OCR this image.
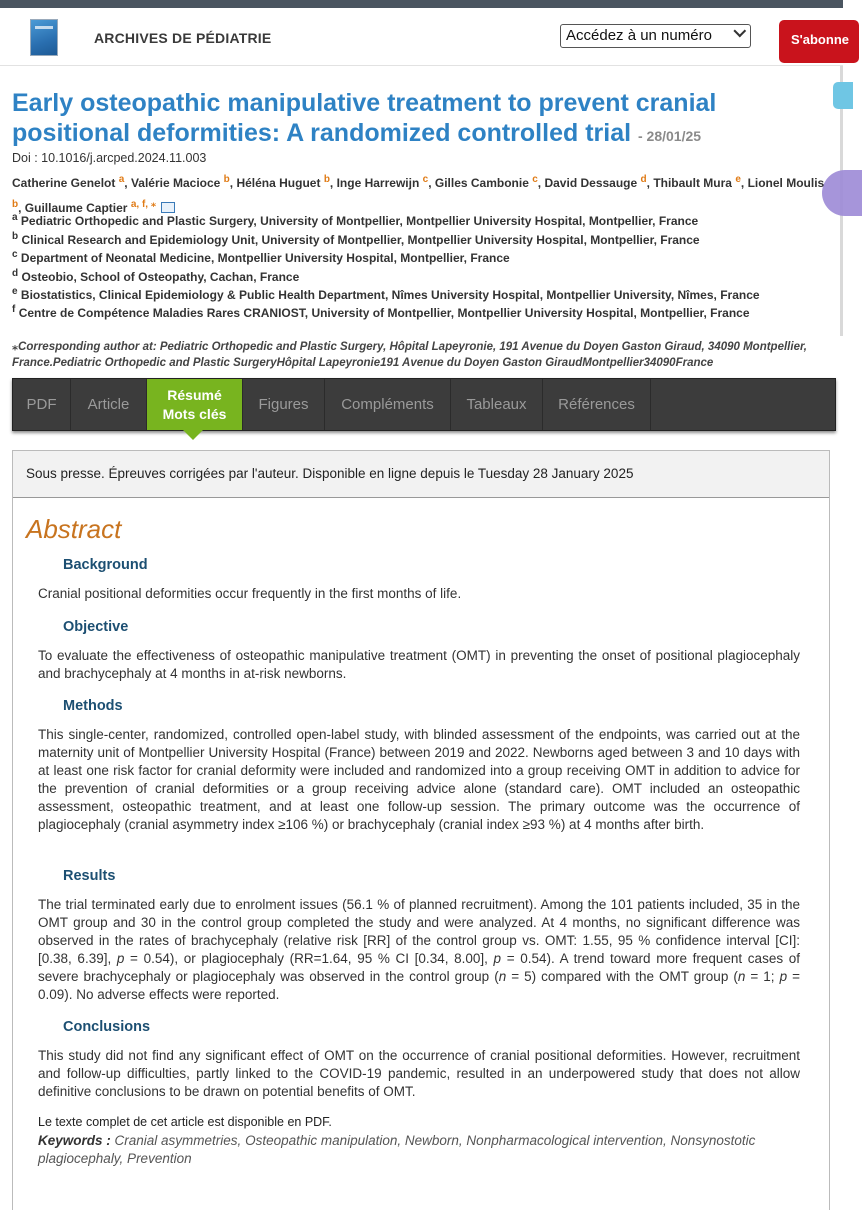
ARCHIVES DE PÉDIATRIE	Accédez à un numéro	S'abonne
Early osteopathic manipulative treatment to prevent cranial positional deformities: A randomized controlled trial - 28/01/25
Doi : 10.1016/j.arcped.2024.11.003
Catherine Genelot $^a$, Valérie Macioce $^b$, Héléna Huguet $^b$, Inge Harrewijn $^c$, Gilles Cambonie $^c$, David Dessauge $^d$, Thibault Mura $^e$, Lionel Moulis
$^b$, Guillaume Captier $^{a, f, ⁎}$
$^a$ Pediatric Orthopedic and Plastic Surgery, University of Montpellier, Montpellier University Hospital, Montpellier, France
$^b$ Clinical Research and Epidemiology Unit, University of Montpellier, Montpellier University Hospital, Montpellier, France
$^c$ Department of Neonatal Medicine, Montpellier University Hospital, Montpellier, France
$^d$ Osteobio, School of Osteopathy, Cachan, France
$^e$ Biostatistics, Clinical Epidemiology & Public Health Department, Nîmes University Hospital, Montpellier University, Nîmes, France
$^f$ Centre de Compétence Maladies Rares CRANIOST, University of Montpellier, Montpellier University Hospital, Montpellier, France
⁎Corresponding author at: Pediatric Orthopedic and Plastic Surgery, Hôpital Lapeyronie, 191 Avenue du Doyen Gaston Giraud, 34090 Montpellier, France.Pediatric Orthopedic and Plastic SurgeryHôpital Lapeyronie191 Avenue du Doyen Gaston GiraudMontpellier34090France
PDF	Article
Résumé
Mots clés
Figures	Compléments	Tableaux	Références
Sous presse. Épreuves corrigées par l'auteur. Disponible en ligne depuis le Tuesday 28 January 2025
Abstract
Background
Cranial positional deformities occur frequently in the first months of life.
Objective
To evaluate the effectiveness of osteopathic manipulative treatment (OMT) in preventing the onset of positional plagiocephaly and brachycephaly at 4 months in at-risk newborns.
Methods
This single-center, randomized, controlled open-label study, with blinded assessment of the endpoints, was carried out at the maternity unit of Montpellier University Hospital (France) between 2019 and 2022. Newborns aged between 3 and 10 days with at least one risk factor for cranial deformity were included and randomized into a group receiving OMT in addition to advice for the prevention of cranial deformities or a group receiving advice alone (standard care). OMT included an osteopathic assessment, osteopathic treatment, and at least one follow-up session. The primary outcome was the occurrence of plagiocephaly (cranial asymmetry index ≥106 %) or brachycephaly (cranial index ≥93 %) at 4 months after birth.
Results
The trial terminated early due to enrolment issues (56.1 % of planned recruitment). Among the 101 patients included, 35 in the OMT group and 30 in the control group completed the study and were analyzed. At 4 months, no significant difference was observed in the rates of brachycephaly (relative risk [RR] of the control group vs. OMT: 1.55, 95 % confidence interval [CI]: [0.38, 6.39], p = 0.54), or plagiocephaly (RR=1.64, 95 % CI [0.34, 8.00], p = 0.54). A trend toward more frequent cases of severe brachycephaly or plagiocephaly was observed in the control group (n = 5) compared with the OMT group (n = 1; p = 0.09). No adverse effects were reported.
Conclusions
This study did not find any significant effect of OMT on the occurrence of cranial positional deformities. However, recruitment and follow-up difficulties, partly linked to the COVID-19 pandemic, resulted in an underpowered study that does not allow definitive conclusions to be drawn on potential benefits of OMT.
Le texte complet de cet article est disponible en PDF.
Keywords : Cranial asymmetries, Osteopathic manipulation, Newborn, Nonpharmacological intervention, Nonsynostotic plagiocephaly, Prevention
